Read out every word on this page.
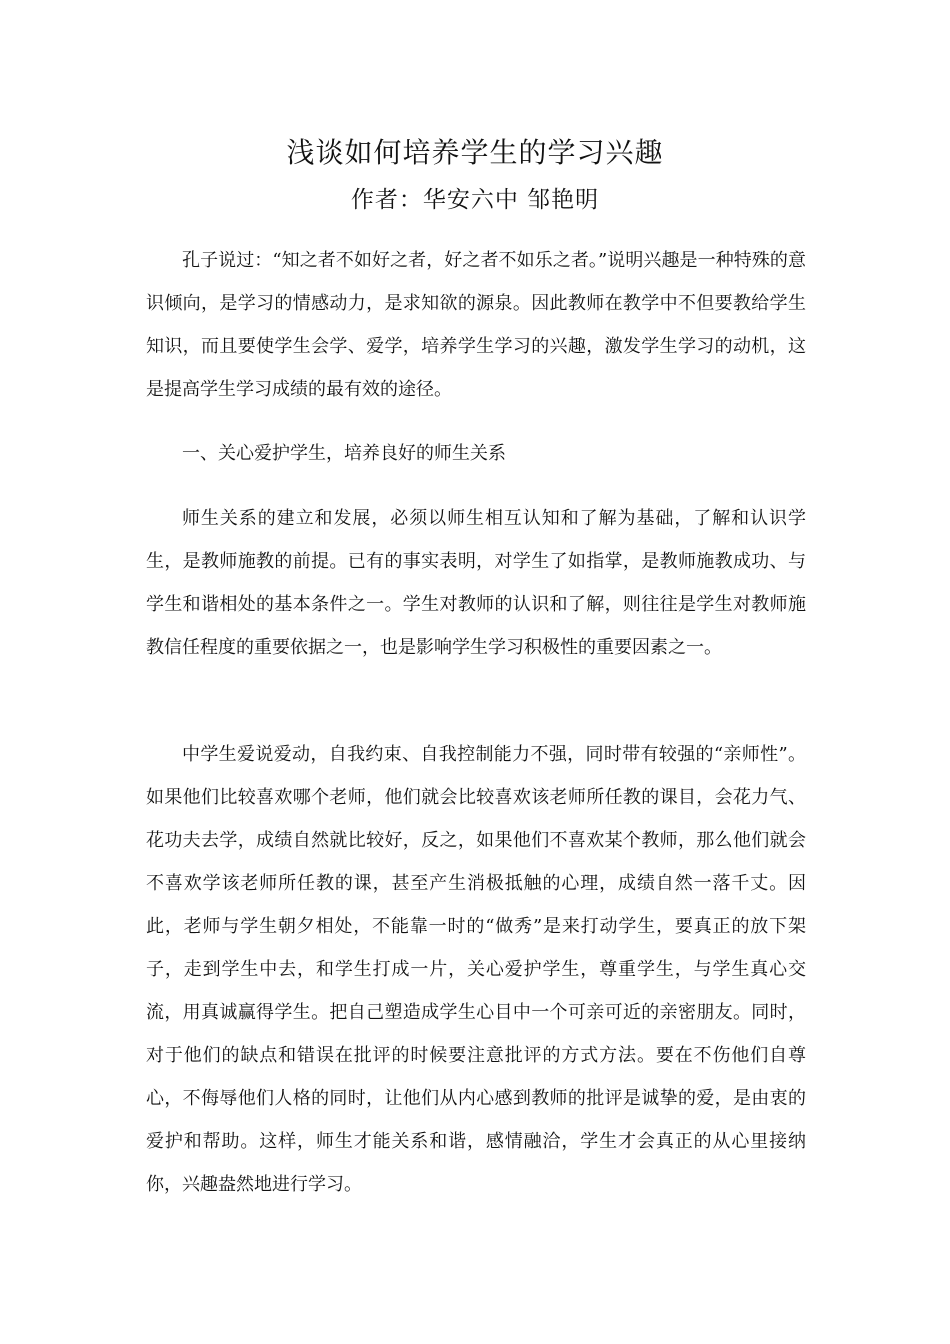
浅谈如何培养学生的学习兴趣
作者：华安六中 邹艳明

孔子说过：“知之者不如好之者，好之者不如乐之者。”说明兴趣是一种特殊的意识倾向，是学习的情感动力，是求知欲的源泉。因此教师在教学中不但要教给学生知识，而且要使学生会学、爱学，培养学生学习的兴趣，激发学生学习的动机，这是提高学生学习成绩的最有效的途径。

一、关心爱护学生，培养良好的师生关系

师生关系的建立和发展，必须以师生相互认知和了解为基础，了解和认识学生，是教师施教的前提。已有的事实表明，对学生了如指掌，是教师施教成功、与学生和谐相处的基本条件之一。学生对教师的认识和了解，则往往是学生对教师施教信任程度的重要依据之一，也是影响学生学习积极性的重要因素之一。

中学生爱说爱动，自我约束、自我控制能力不强，同时带有较强的“亲师性”。如果他们比较喜欢哪个老师，他们就会比较喜欢该老师所任教的课目，会花力气、花功夫去学，成绩自然就比较好，反之，如果他们不喜欢某个教师，那么他们就会不喜欢学该老师所任教的课，甚至产生消极抵触的心理，成绩自然一落千丈。因此，老师与学生朝夕相处，不能靠一时的“做秀”是来打动学生，要真正的放下架子，走到学生中去，和学生打成一片，关心爱护学生，尊重学生，与学生真心交流，用真诚赢得学生。把自己塑造成学生心目中一个可亲可近的亲密朋友。同时，对于他们的缺点和错误在批评的时候要注意批评的方式方法。要在不伤他们自尊心，不侮辱他们人格的同时，让他们从内心感到教师的批评是诚挚的爱，是由衷的爱护和帮助。这样，师生才能关系和谐，感情融洽，学生才会真正的从心里接纳你，兴趣盎然地进行学习。
